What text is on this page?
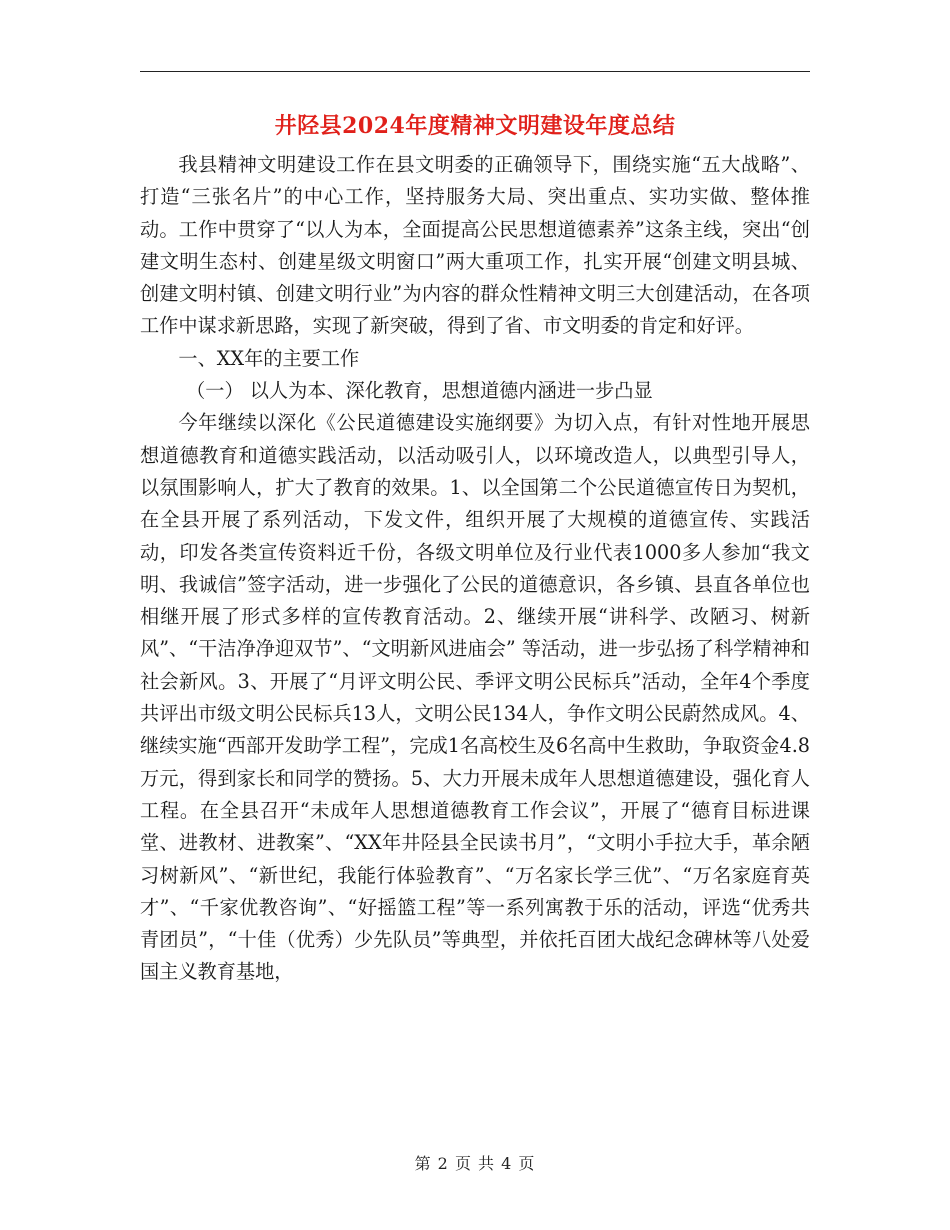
井陉县2024年度精神文明建设年度总结

我县精神文明建设工作在县文明委的正确领导下，围绕实施“五大战略”、打造“三张名片”的中心工作，坚持服务大局、突出重点、实功实做、整体推动。工作中贯穿了“以人为本，全面提高公民思想道德素养”这条主线，突出“创建文明生态村、创建星级文明窗口”两大重项工作，扎实开展“创建文明县城、创建文明村镇、创建文明行业”为内容的群众性精神文明三大创建活动，在各项工作中谋求新思路，实现了新突破，得到了省、市文明委的肯定和好评。

一、XX年的主要工作

（一） 以人为本、深化教育，思想道德内涵进一步凸显

今年继续以深化《公民道德建设实施纲要》为切入点，有针对性地开展思想道德教育和道德实践活动，以活动吸引人，以环境改造人，以典型引导人，以氛围影响人，扩大了教育的效果。1、以全国第二个公民道德宣传日为契机，在全县开展了系列活动，下发文件，组织开展了大规模的道德宣传、实践活动，印发各类宣传资料近千份，各级文明单位及行业代表1000多人参加“我文明、我诚信”签字活动，进一步强化了公民的道德意识，各乡镇、县直各单位也相继开展了形式多样的宣传教育活动。2、继续开展“讲科学、改陋习、树新风”、“干洁净净迎双节”、“文明新风进庙会” 等活动，进一步弘扬了科学精神和社会新风。3、开展了“月评文明公民、季评文明公民标兵”活动，全年4个季度共评出市级文明公民标兵13人，文明公民134人，争作文明公民蔚然成风。4、继续实施“西部开发助学工程”，完成1名高校生及6名高中生救助，争取资金4.8万元，得到家长和同学的赞扬。5、大力开展未成年人思想道德建设，强化育人工程。在全县召开“未成年人思想道德教育工作会议”，开展了“德育目标进课堂、进教材、进教案”、“XX年井陉县全民读书月”，“文明小手拉大手，革余陋习树新风”、“新世纪，我能行体验教育”、“万名家长学三优”、“万名家庭育英才”、“千家优教咨询”、“好摇篮工程”等一系列寓教于乐的活动，评选“优秀共青团员”，“十佳（优秀）少先队员”等典型，并依托百团大战纪念碑林等八处爱国主义教育基地，

第 2 页 共 4 页
